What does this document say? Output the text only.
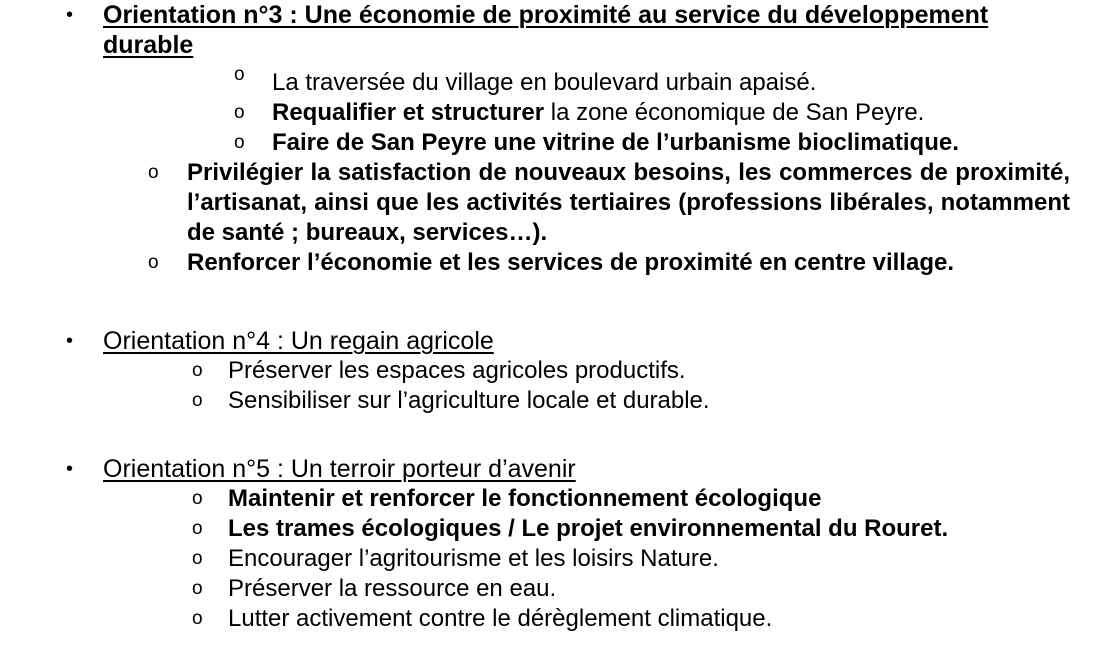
• Orientation n°3 : Une économie de proximité au service du développement durable
o La traversée du village en boulevard urbain apaisé.
o Requalifier et structurer la zone économique de San Peyre.
o Faire de San Peyre une vitrine de l’urbanisme bioclimatique.
o Privilégier la satisfaction de nouveaux besoins, les commerces de proximité, l’artisanat, ainsi que les activités tertiaires (professions libérales, notamment de santé ; bureaux, services…).
o Renforcer l’économie et les services de proximité en centre village.
• Orientation n°4 : Un regain agricole
o Préserver les espaces agricoles productifs.
o Sensibiliser sur l’agriculture locale et durable.
• Orientation n°5 : Un terroir porteur d’avenir
o Maintenir et renforcer le fonctionnement écologique
o Les trames écologiques / Le projet environnemental du Rouret.
o Encourager l’agritourisme et les loisirs Nature.
o Préserver la ressource en eau.
o Lutter activement contre le dérèglement climatique.
